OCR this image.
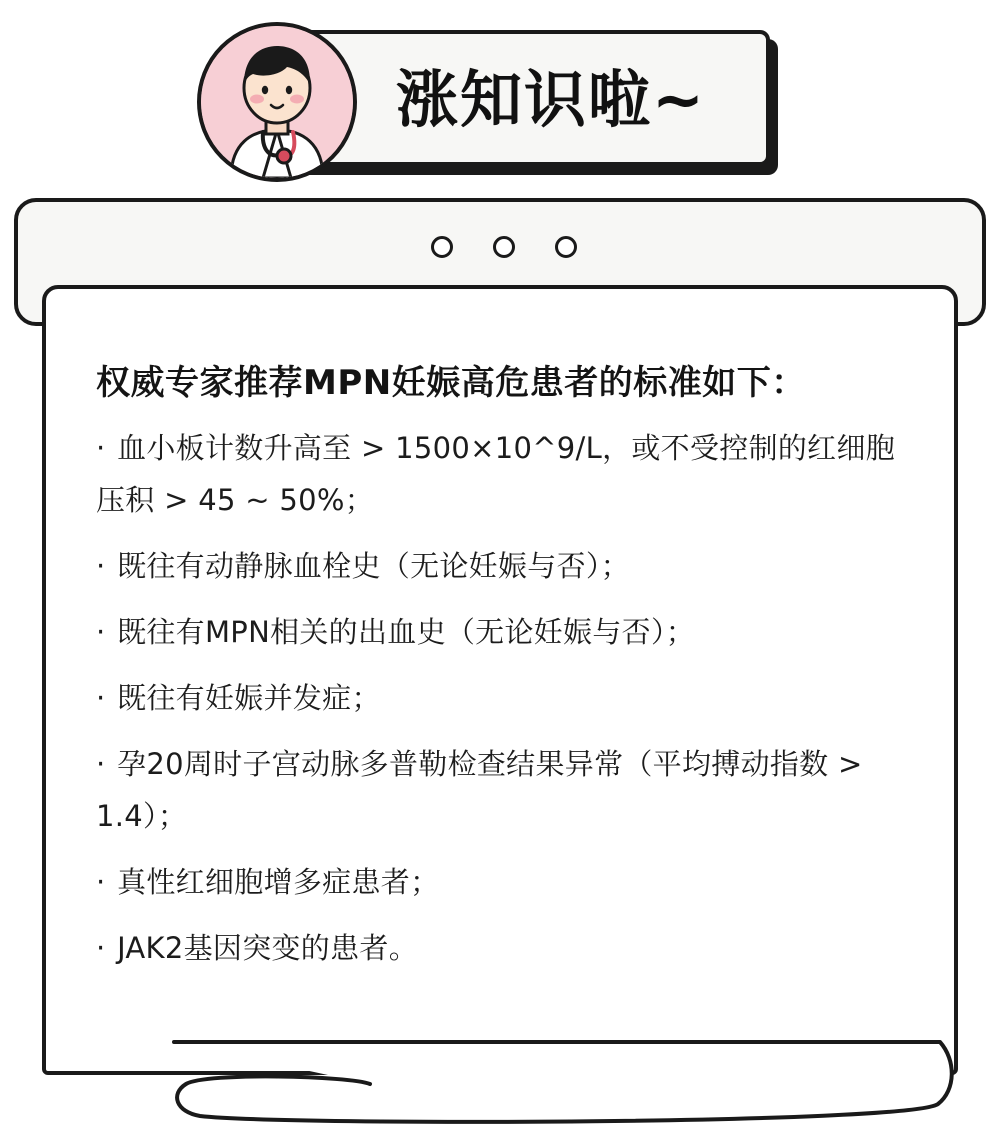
涨知识啦~

权威专家推荐MPN妊娠高危患者的标准如下：

· 血小板计数升高至 > 1500×10^9/L，或不受控制的红细胞压积 > 45 ~ 50%；

· 既往有动静脉血栓史（无论妊娠与否）；

· 既往有MPN相关的出血史（无论妊娠与否）；

· 既往有妊娠并发症；

· 孕20周时子宫动脉多普勒检查结果异常（平均搏动指数 > 1.4）；

· 真性红细胞增多症患者；

· JAK2基因突变的患者。
